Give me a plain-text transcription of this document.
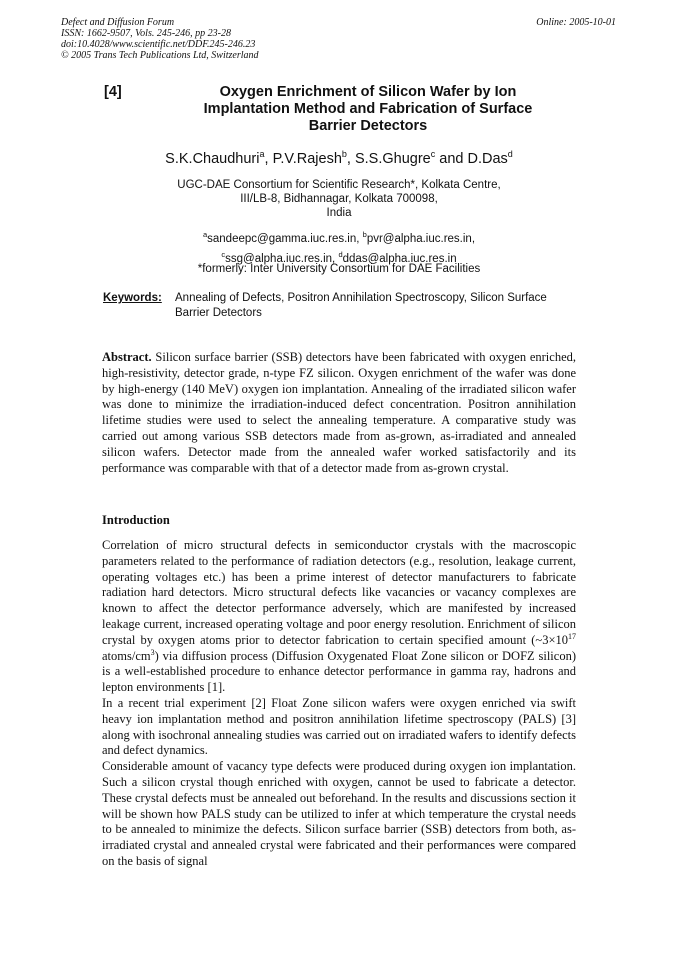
Defect and Diffusion Forum
ISSN: 1662-9507, Vols. 245-246, pp 23-28
doi:10.4028/www.scientific.net/DDF.245-246.23
© 2005 Trans Tech Publications Ltd, Switzerland
Online: 2005-10-01
[4]	Oxygen Enrichment of Silicon Wafer by Ion Implantation Method and Fabrication of Surface Barrier Detectors
S.K.Chaudhuri$^a$, P.V.Rajesh$^b$, S.S.Ghugre$^c$ and D.Das$^d$
UGC-DAE Consortium for Scientific Research*, Kolkata Centre,
III/LB-8, Bidhannagar, Kolkata 700098,
India
$^a$sandeepc@gamma.iuc.res.in, $^b$pvr@alpha.iuc.res.in,
$^c$ssg@alpha.iuc.res.in, $^d$ddas@alpha.iuc.res.in
*formerly: Inter University Consortium for DAE Facilities
Keywords: Annealing of Defects, Positron Annihilation Spectroscopy, Silicon Surface Barrier Detectors

Abstract. Silicon surface barrier (SSB) detectors have been fabricated with oxygen enriched, high-resistivity, detector grade, n-type FZ silicon. Oxygen enrichment of the wafer was done by high-energy (140 MeV) oxygen ion implantation. Annealing of the irradiated silicon wafer was done to minimize the irradiation-induced defect concentration. Positron annihilation lifetime studies were used to select the annealing temperature. A comparative study was carried out among various SSB detectors made from as-grown, as-irradiated and annealed silicon wafers. Detector made from the annealed wafer worked satisfactorily and its performance was comparable with that of a detector made from as-grown crystal.

Introduction

Correlation of micro structural defects in semiconductor crystals with the macroscopic parameters related to the performance of radiation detectors (e.g., resolution, leakage current, operating voltages etc.) has been a prime interest of detector manufacturers to fabricate radiation hard detectors. Micro structural defects like vacancies or vacancy complexes are known to affect the detector performance adversely, which are manifested by increased leakage current, increased operating voltage and poor energy resolution. Enrichment of silicon crystal by oxygen atoms prior to detector fabrication to certain specified amount ($\sim 3\times 10^{17}$ atoms/$cm^3$) via diffusion process (Diffusion Oxygenated Float Zone silicon or DOFZ silicon) is a well-established procedure to enhance detector performance in gamma ray, hadrons and lepton environments [1].

In a recent trial experiment [2] Float Zone silicon wafers were oxygen enriched via swift heavy ion implantation method and positron annihilation lifetime spectroscopy (PALS) [3] along with isochronal annealing studies was carried out on irradiated wafers to identify defects and defect dynamics.

Considerable amount of vacancy type defects were produced during oxygen ion implantation. Such a silicon crystal though enriched with oxygen, cannot be used to fabricate a detector. These crystal defects must be annealed out beforehand. In the results and discussions section it will be shown how PALS study can be utilized to infer at which temperature the crystal needs to be annealed to minimize the defects. Silicon surface barrier (SSB) detectors from both, as-irradiated crystal and annealed crystal were fabricated and their performances were compared on the basis of signal
